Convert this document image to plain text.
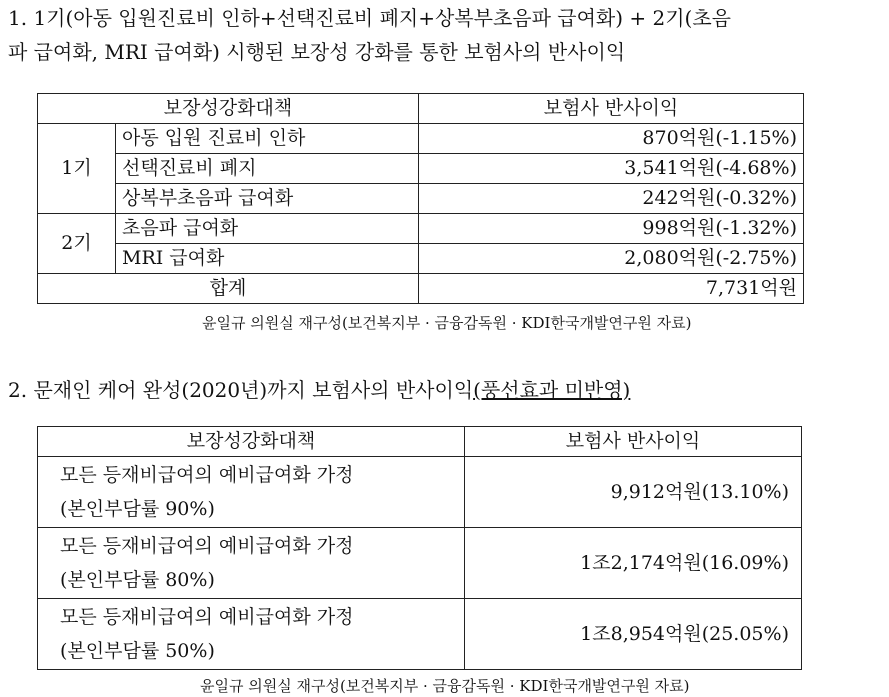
1. 1기(아동 입원진료비 인하+선택진료비 폐지+상복부초음파 급여화) + 2기(초음

파 급여화, MRI 급여화) 시행된 보장성 강화를 통한 보험사의 반사이익

보장성강화대책		보험사 반사이익
1기	아동 입원 진료비 인하	870억원(-1.15%)
	선택진료비 폐지	3,541억원(-4.68%)
	상복부초음파 급여화	242억원(-0.32%)
2기	초음파 급여화	998억원(-1.32%)
	MRI 급여화	2,080억원(-2.75%)
합계		7,731억원
윤일규 의원실 재구성(보건복지부 · 금융감독원 · KDI한국개발연구원 자료)

2. 문재인 케어 완성(2020년)까지 보험사의 반사이익(풍선효과 미반영)

보장성강화대책	보험사 반사이익

모든 등재비급여의 예비급여화 가정
(본인부담률 90%)	9,912억원(13.10%)

모든 등재비급여의 예비급여화 가정
(본인부담률 80%)	1조2,174억원(16.09%)

모든 등재비급여의 예비급여화 가정
(본인부담률 50%)	1조8,954억원(25.05%)
윤일규 의원실 재구성(보건복지부 · 금융감독원 · KDI한국개발연구원 자료)
